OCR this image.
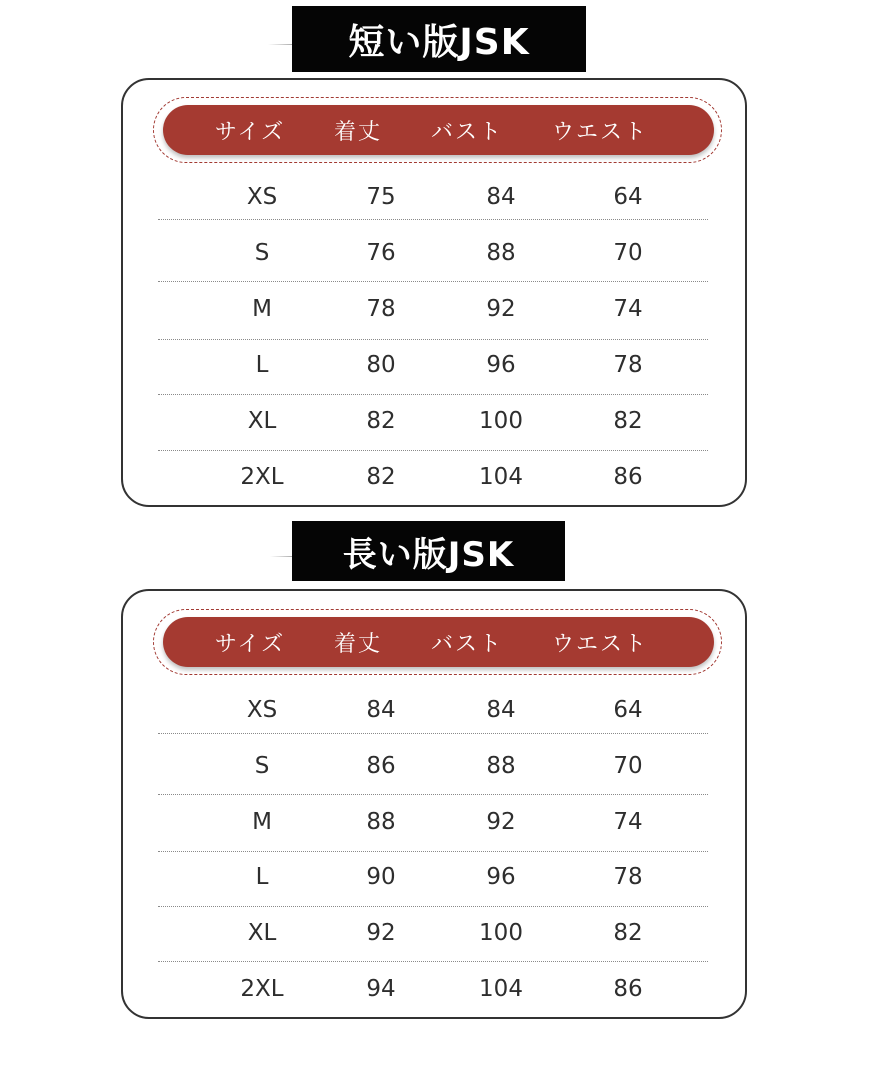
短い版JSK
サイズ 着丈 バスト ウエスト
XS	75	84	64
S	76	88	70
M	78	92	74
L	80	96	78
XL	82	100	82
2XL	82	104	86
長い版JSK
サイズ 着丈 バスト ウエスト
XS	84	84	64
S	86	88	70
M	88	92	74
L	90	96	78
XL	92	100	82
2XL	94	104	86
